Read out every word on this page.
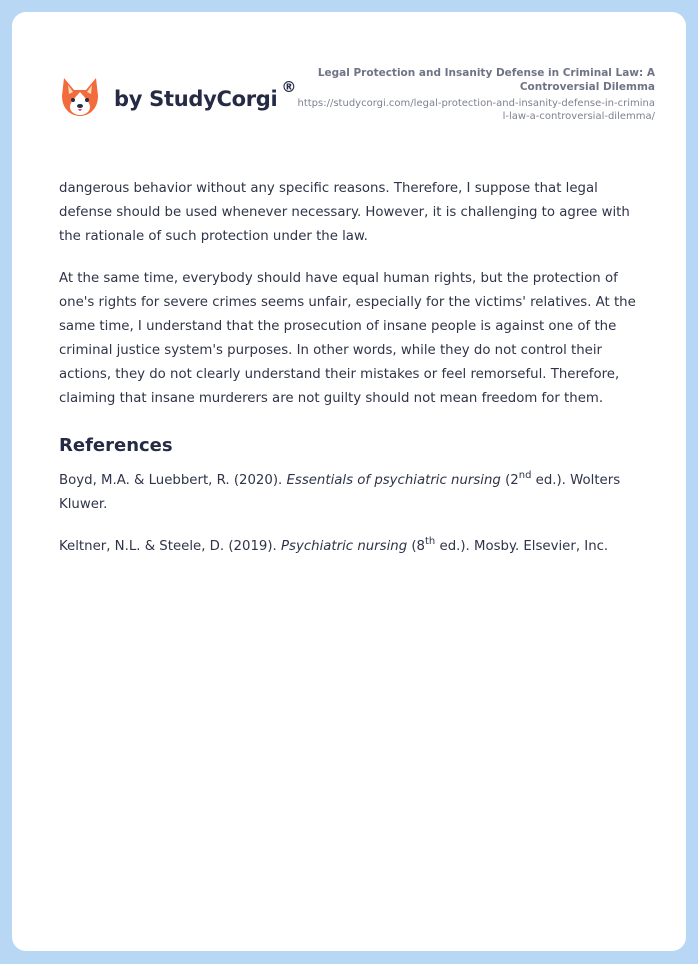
by StudyCorgi ®
Legal Protection and Insanity Defense in Criminal Law: A Controversial Dilemma
https://studycorgi.com/legal-protection-and-insanity-defense-in-criminal-law-a-controversial-dilemma/

dangerous behavior without any specific reasons. Therefore, I suppose that legal defense should be used whenever necessary. However, it is challenging to agree with the rationale of such protection under the law.

At the same time, everybody should have equal human rights, but the protection of one's rights for severe crimes seems unfair, especially for the victims' relatives. At the same time, I understand that the prosecution of insane people is against one of the criminal justice system's purposes. In other words, while they do not control their actions, they do not clearly understand their mistakes or feel remorseful. Therefore, claiming that insane murderers are not guilty should not mean freedom for them.

References

Boyd, M.A. & Luebbert, R. (2020). Essentials of psychiatric nursing (2nd ed.). Wolters Kluwer.

Keltner, N.L. & Steele, D. (2019). Psychiatric nursing (8th ed.). Mosby. Elsevier, Inc.
